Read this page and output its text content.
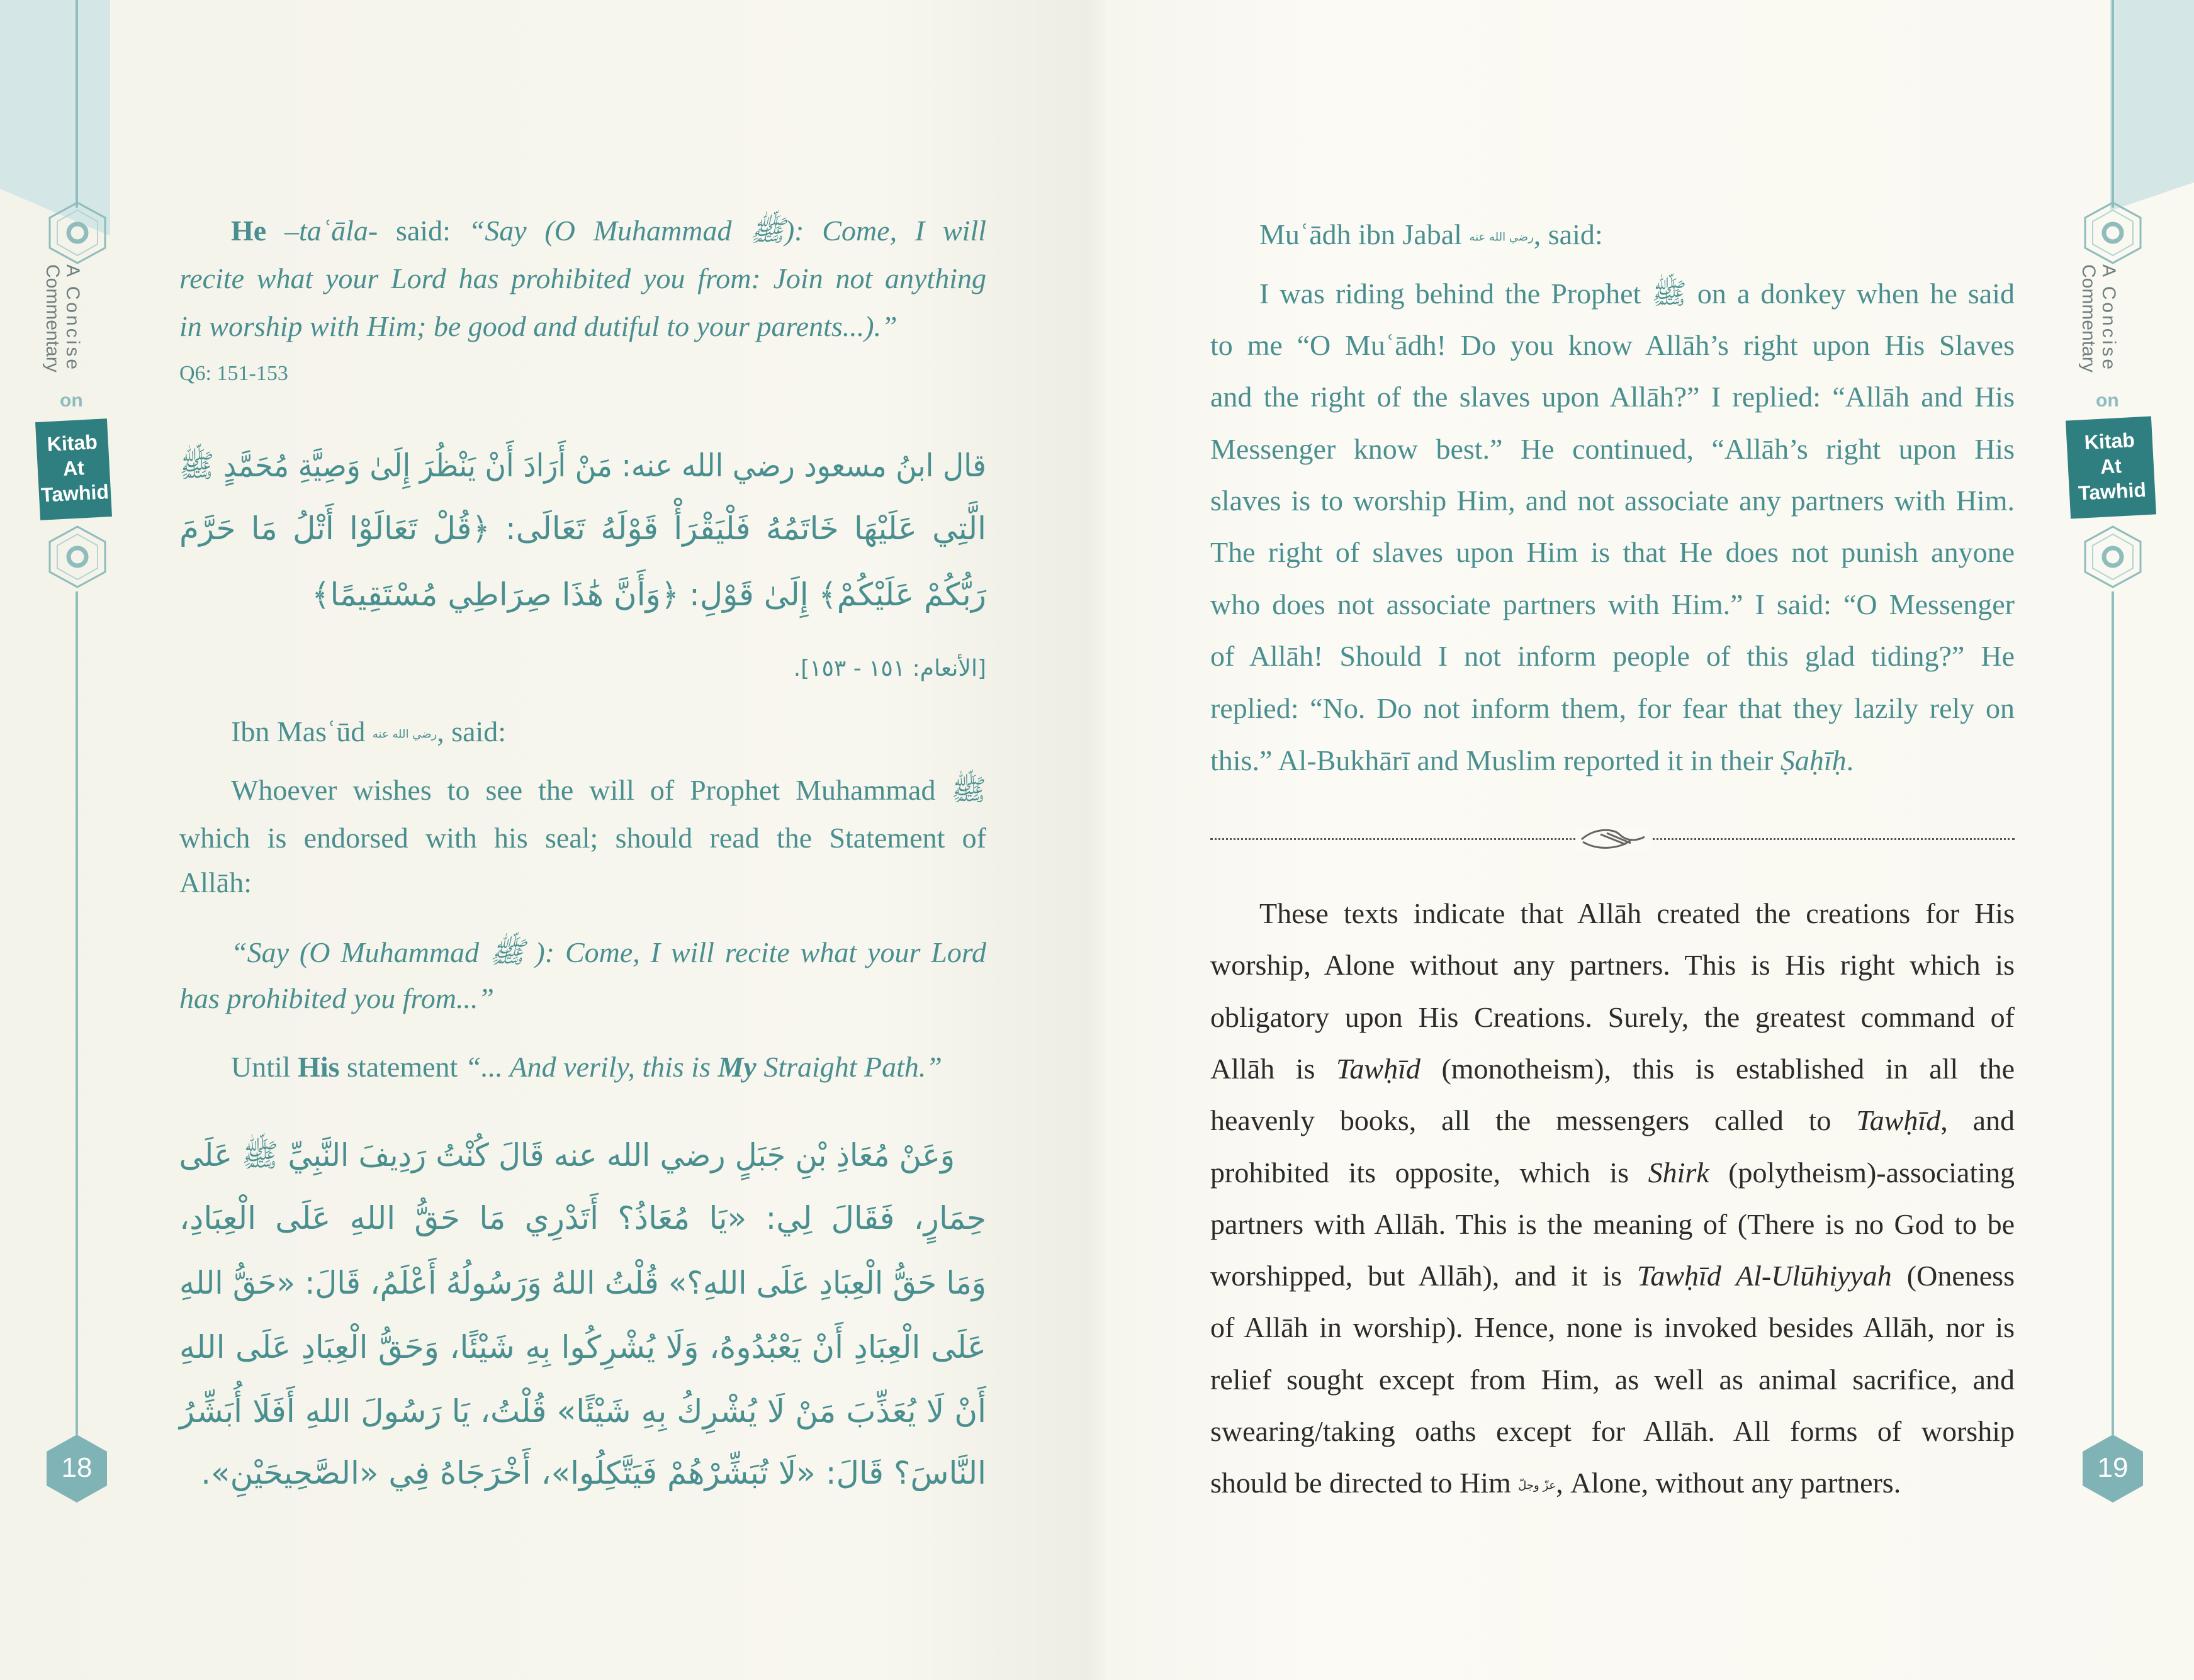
A Concise
Commentary
on
Kitab
At
Tawhid
18
He –taʿāla- said: “Say (O Muhammad ﷺ): Come, I will
recite what your Lord has prohibited you from: Join not anything
in worship with Him; be good and dutiful to your parents...).”
Q6: 151-153
قال ابنُ مسعود رضي الله عنه: مَنْ أَرَادَ أَنْ يَنْظُرَ إِلَىٰ وَصِيَّةِ مُحَمَّدٍ ﷺ
الَّتِي عَلَيْهَا خَاتَمُهُ فَلْيَقْرَأْ قَوْلَهُ تَعَالَى: ﴿قُلْ تَعَالَوْا أَتْلُ مَا حَرَّمَ
رَبُّكُمْ عَلَيْكُمْ﴾ إِلَىٰ قَوْلِ: ﴿وَأَنَّ هَٰذَا صِرَاطِي مُسْتَقِيمًا﴾
[الأنعام: ١٥١ - ١٥٣].
Ibn Masʿūd رضي الله عنه, said:
Whoever wishes to see the will of Prophet Muhammad ﷺ
which is endorsed with his seal; should read the Statement of
Allāh:
“Say (O Muhammad ﷺ ): Come, I will recite what your Lord
has prohibited you from...”
Until His statement “... And verily, this is My Straight Path.”
وَعَنْ مُعَاذِ بْنِ جَبَلٍ رضي الله عنه قَالَ كُنْتُ رَدِيفَ النَّبِيِّ ﷺ عَلَى
حِمَارٍ، فَقَالَ لِي: «يَا مُعَاذُ؟ أَتَدْرِي مَا حَقُّ اللهِ عَلَى الْعِبَادِ،
وَمَا حَقُّ الْعِبَادِ عَلَى اللهِ؟» قُلْتُ اللهُ وَرَسُولُهُ أَعْلَمُ، قَالَ: «حَقُّ اللهِ
عَلَى الْعِبَادِ أَنْ يَعْبُدُوهُ، وَلَا يُشْرِكُوا بِهِ شَيْئًا، وَحَقُّ الْعِبَادِ عَلَى اللهِ
أَنْ لَا يُعَذِّبَ مَنْ لَا يُشْرِكُ بِهِ شَيْئًا» قُلْتُ، يَا رَسُولَ اللهِ أَفَلَا أُبَشِّرُ
النَّاسَ؟ قَالَ: «لَا تُبَشِّرْهُمْ فَيَتَّكِلُوا»، أَخْرَجَاهُ فِي «الصَّحِيحَيْنِ».
A Concise
Commentary
on
Kitab
At
Tawhid
19
Muʿādh ibn Jabal رضي الله عنه, said:
I was riding behind the Prophet ﷺ on a donkey when he said
to me “O Muʿādh! Do you know Allāh’s right upon His Slaves
and the right of the slaves upon Allāh?” I replied: “Allāh and His
Messenger know best.” He continued, “Allāh’s right upon His
slaves is to worship Him, and not associate any partners with Him.
The right of slaves upon Him is that He does not punish anyone
who does not associate partners with Him.” I said: “O Messenger
of Allāh! Should I not inform people of this glad tiding?” He
replied: “No. Do not inform them, for fear that they lazily rely on
this.” Al-Bukhārī and Muslim reported it in their Ṣaḥīḥ.
These texts indicate that Allāh created the creations for His
worship, Alone without any partners. This is His right which is
obligatory upon His Creations. Surely, the greatest command of
Allāh is Tawḥīd (monotheism), this is established in all the
heavenly books, all the messengers called to Tawḥīd, and
prohibited its opposite, which is Shirk (polytheism)-associating
partners with Allāh. This is the meaning of (There is no God to be
worshipped, but Allāh), and it is Tawḥīd Al-Ulūhiyyah (Oneness
of Allāh in worship). Hence, none is invoked besides Allāh, nor is
relief sought except from Him, as well as animal sacrifice, and
swearing/taking oaths except for Allāh. All forms of worship
should be directed to Him عزّ وجلّ, Alone, without any partners.
